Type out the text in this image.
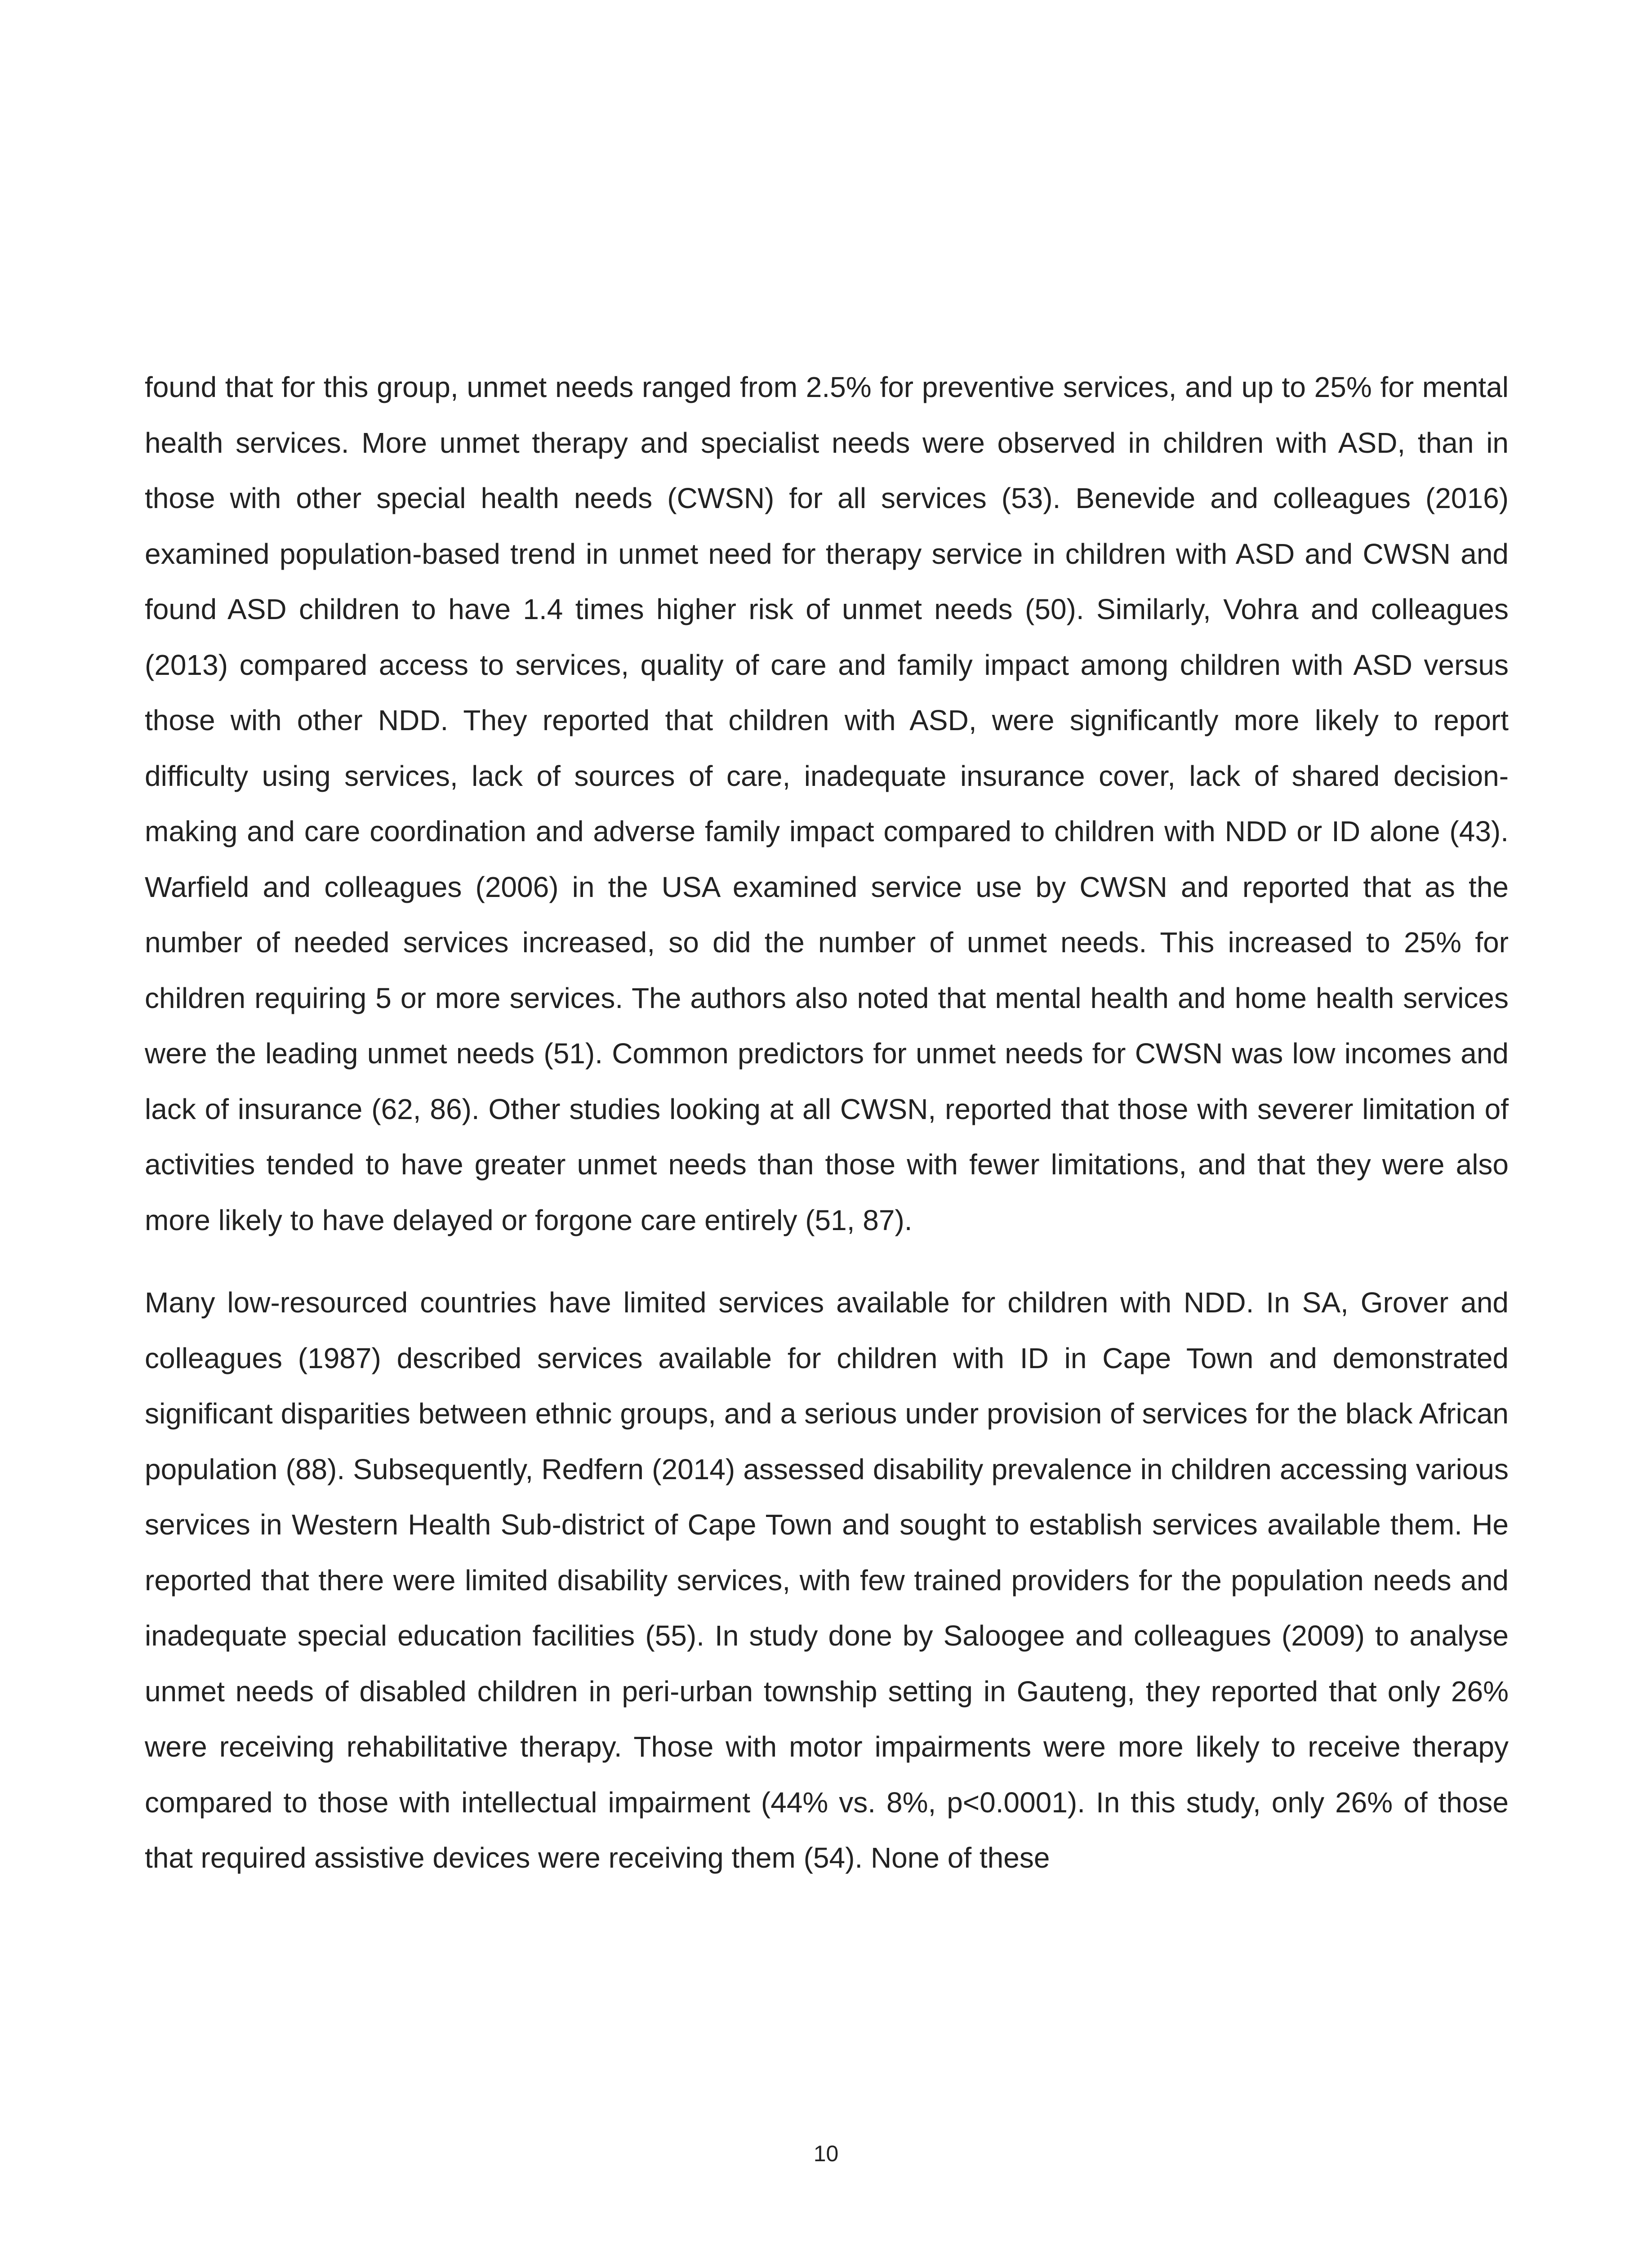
found that for this group, unmet needs ranged from 2.5% for preventive services, and up to 25% for mental health services. More unmet therapy and specialist needs were observed in children with ASD, than in those with other special health needs (CWSN) for all services (53). Benevide and colleagues (2016) examined population-based trend in unmet need for therapy service in children with ASD and CWSN and found ASD children to have 1.4 times higher risk of unmet needs (50). Similarly, Vohra and colleagues (2013) compared access to services, quality of care and family impact among children with ASD versus those with other NDD. They reported that children with ASD, were significantly more likely to report difficulty using services, lack of sources of care, inadequate insurance cover, lack of shared decision-making and care coordination and adverse family impact compared to children with NDD or ID alone (43). Warfield and colleagues (2006) in the USA examined service use by CWSN and reported that as the number of needed services increased, so did the number of unmet needs. This increased to 25% for children requiring 5 or more services. The authors also noted that mental health and home health services were the leading unmet needs (51). Common predictors for unmet needs for CWSN was low incomes and lack of insurance (62, 86). Other studies looking at all CWSN, reported that those with severer limitation of activities tended to have greater unmet needs than those with fewer limitations, and that they were also more likely to have delayed or forgone care entirely (51, 87).

Many low-resourced countries have limited services available for children with NDD. In SA, Grover and colleagues (1987) described services available for children with ID in Cape Town and demonstrated significant disparities between ethnic groups, and a serious under provision of services for the black African population (88). Subsequently, Redfern (2014) assessed disability prevalence in children accessing various services in Western Health Sub-district of Cape Town and sought to establish services available them. He reported that there were limited disability services, with few trained providers for the population needs and inadequate special education facilities (55). In study done by Saloogee and colleagues (2009) to analyse unmet needs of disabled children in peri-urban township setting in Gauteng, they reported that only 26% were receiving rehabilitative therapy. Those with motor impairments were more likely to receive therapy compared to those with intellectual impairment (44% vs. 8%, p<0.0001). In this study, only 26% of those that required assistive devices were receiving them (54). None of these

10
